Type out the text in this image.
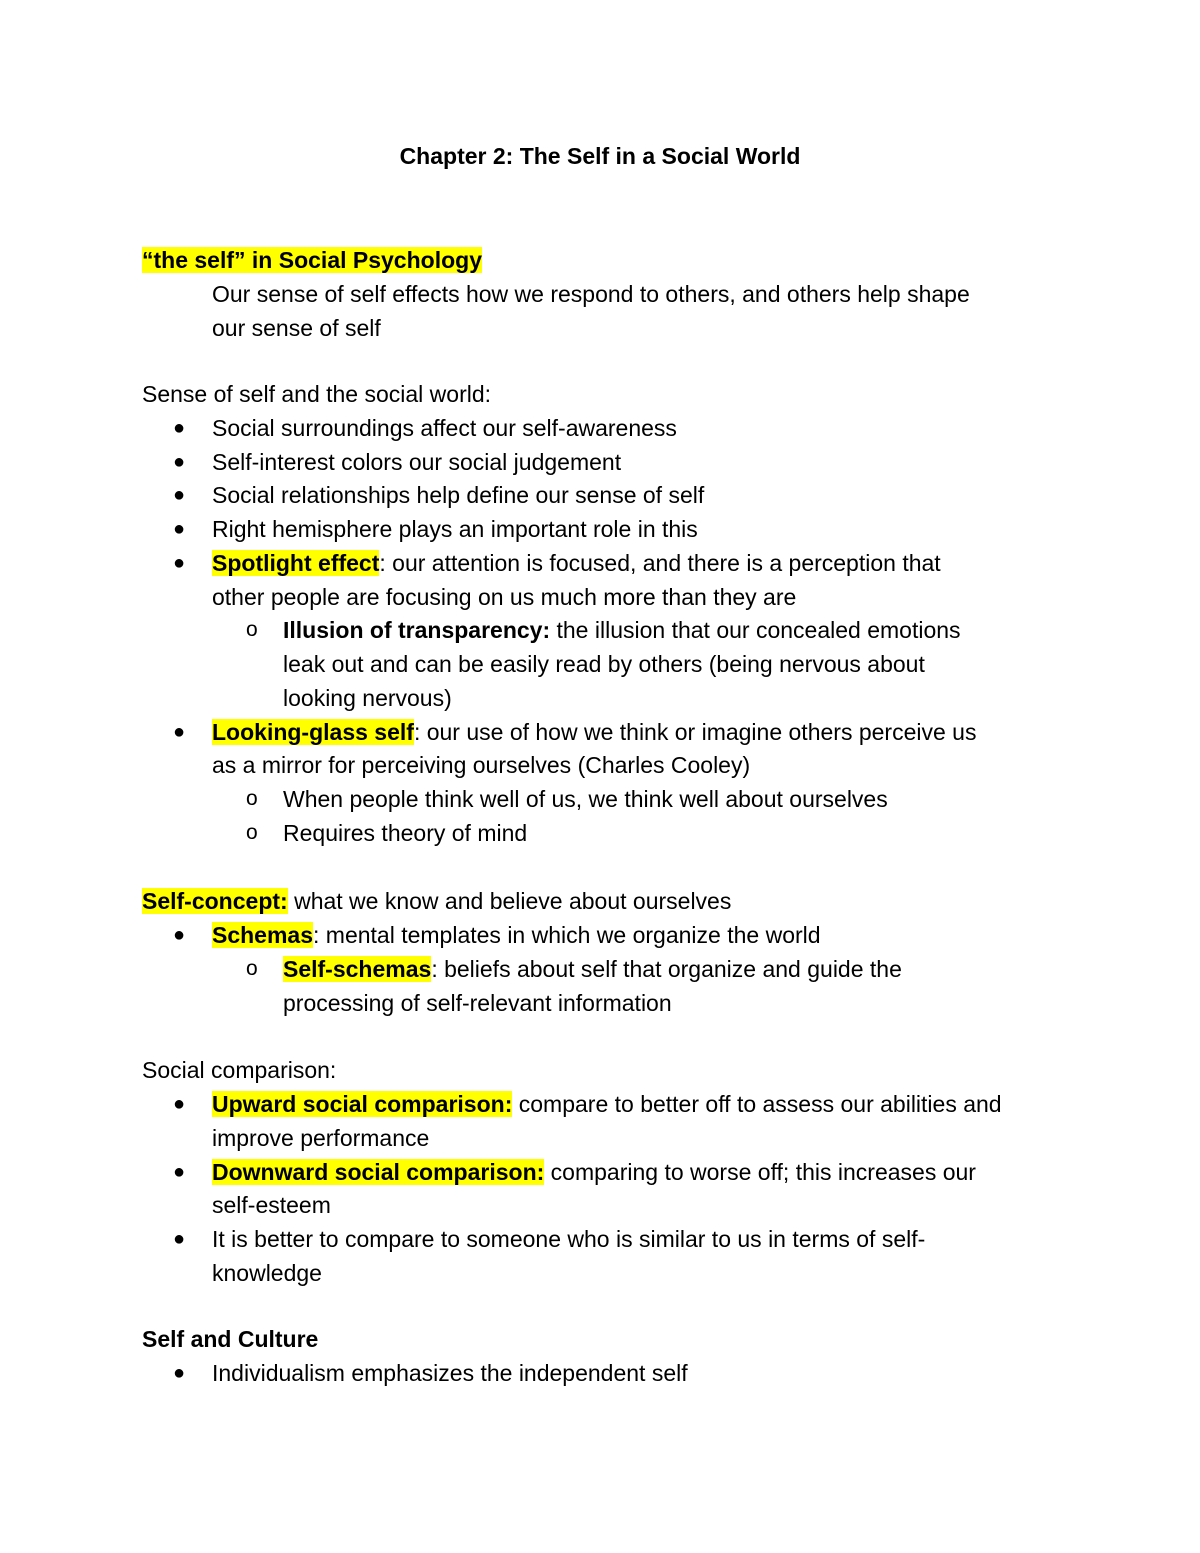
Chapter 2: The Self in a Social World
“the self” in Social Psychology
Our sense of self effects how we respond to others, and others help shape
our sense of self
Sense of self and the social world:
● Social surroundings affect our self-awareness
● Self-interest colors our social judgement
● Social relationships help define our sense of self
● Right hemisphere plays an important role in this
● Spotlight effect: our attention is focused, and there is a perception that
other people are focusing on us much more than they are
o Illusion of transparency: the illusion that our concealed emotions
leak out and can be easily read by others (being nervous about
looking nervous)
● Looking-glass self: our use of how we think or imagine others perceive us
as a mirror for perceiving ourselves (Charles Cooley)
o When people think well of us, we think well about ourselves
o Requires theory of mind
Self-concept: what we know and believe about ourselves
● Schemas: mental templates in which we organize the world
o Self-schemas: beliefs about self that organize and guide the
processing of self-relevant information
Social comparison:
● Upward social comparison: compare to better off to assess our abilities and
improve performance
● Downward social comparison: comparing to worse off; this increases our
self-esteem
● It is better to compare to someone who is similar to us in terms of self-
knowledge
Self and Culture
● Individualism emphasizes the independent self
